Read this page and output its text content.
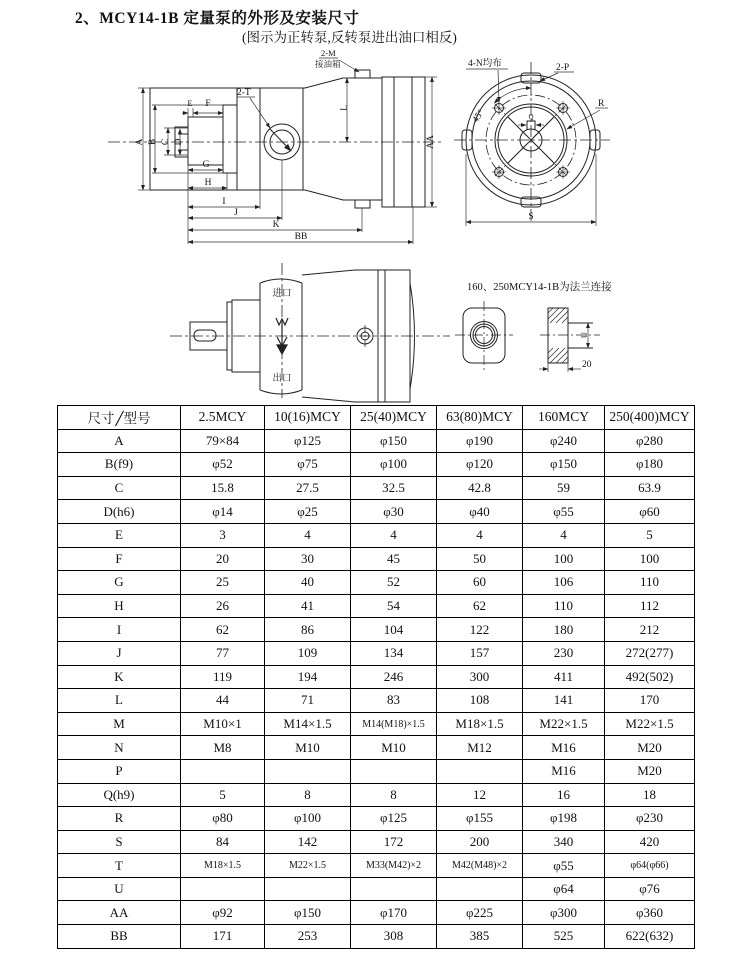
2、MCY14-1B 定量泵的外形及安装尺寸
(图示为正转泵,反转泵进出油口相反)
A B C D
E F
G
H
I
J
K
BB
L
AA
2-T
2-M
接油箱
45°
4-N均布	2-P
R
Q
S
进口
出口
160、250MCY14-1B为法兰连接
U
20
尺寸 型号	2.5MCY	10(16)MCY	25(40)MCY	63(80)MCY	160MCY	250(400)MCY
A	79×84	φ125	φ150	φ190	φ240	φ280
B(f9)	φ52	φ75	φ100	φ120	φ150	φ180
C	15.8	27.5	32.5	42.8	59	63.9
D(h6)	φ14	φ25	φ30	φ40	φ55	φ60
E	3	4	4	4	4	5
F	20	30	45	50	100	100
G	25	40	52	60	106	110
H	26	41	54	62	110	112
I	62	86	104	122	180	212
J	77	109	134	157	230	272(277)
K	119	194	246	300	411	492(502)
L	44	71	83	108	141	170
M	M10×1	M14×1.5	M14(M18)×1.5	M18×1.5	M22×1.5	M22×1.5
N	M8	M10	M10	M12	M16	M20
P					M16	M20
Q(h9)	5	8	8	12	16	18
R	φ80	φ100	φ125	φ155	φ198	φ230
S	84	142	172	200	340	420
T	M18×1.5	M22×1.5	M33(M42)×2	M42(M48)×2	φ55	φ64(φ66)
U					φ64	φ76
AA	φ92	φ150	φ170	φ225	φ300	φ360
BB	171	253	308	385	525	622(632)
